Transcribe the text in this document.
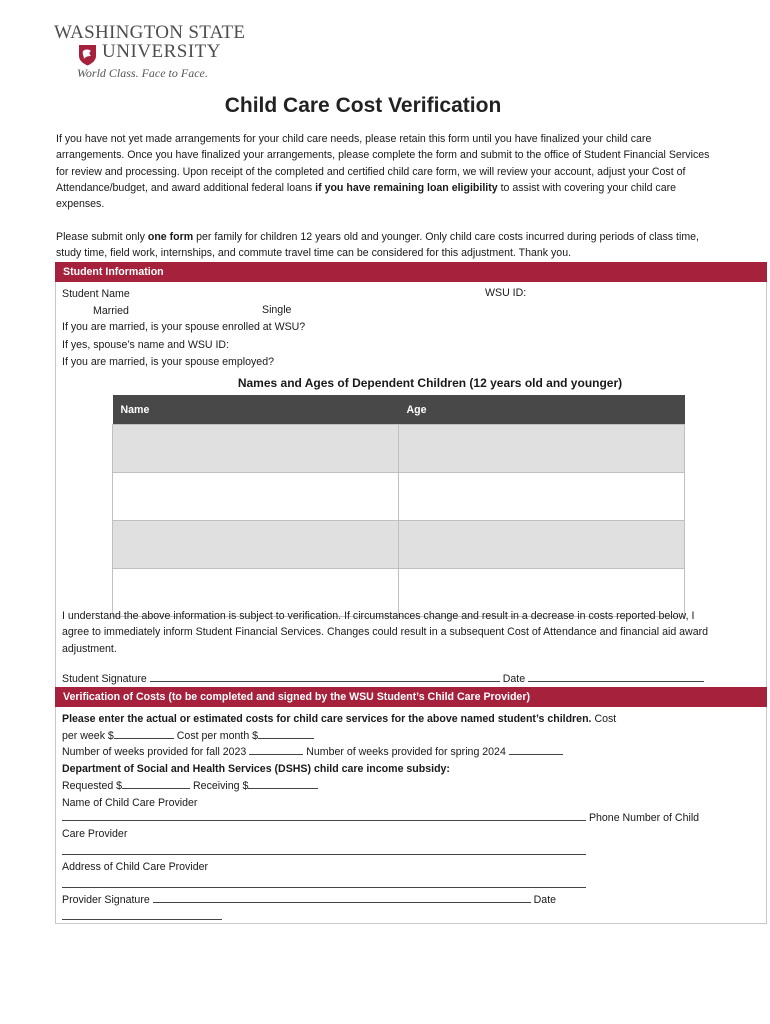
WASHINGTON STATE
UNIVERSITY
World Class. Face to Face.
Child Care Cost Verification
If you have not yet made arrangements for your child care needs, please retain this form until you have finalized your child care arrangements. Once you have finalized your arrangements, please complete the form and submit to the office of Student Financial Services for review and processing. Upon receipt of the completed and certified child care form, we will review your account, adjust your Cost of Attendance/budget, and award additional federal loans if you have remaining loan eligibility to assist with covering your child care expenses.
Please submit only one form per family for children 12 years old and younger. Only child care costs incurred during periods of class time, study time, field work, internships, and commute travel time can be considered for this adjustment. Thank you.
Student Information
Student Name	WSU ID:
Married	Single
If you are married, is your spouse enrolled at WSU?
If yes, spouse’s name and WSU ID:
If you are married, is your spouse employed?
Names and Ages of Dependent Children (12 years old and younger)
Name	Age

I understand the above information is subject to verification. If circumstances change and result in a decrease in costs reported below, I agree to immediately inform Student Financial Services. Changes could result in a subsequent Cost of Attendance and financial aid award adjustment.
Student Signature	Date
Verification of Costs (to be completed and signed by the WSU Student’s Child Care Provider)
Please enter the actual or estimated costs for child care services for the above named student’s children. Cost
per week $	Cost per month $
Number of weeks provided for fall 2023	Number of weeks provided for spring 2024
Department of Social and Health Services (DSHS) child care income subsidy:
Requested $	Receiving $
Name of Child Care Provider
Phone Number of Child
Care Provider
Address of Child Care Provider
Provider Signature	Date
